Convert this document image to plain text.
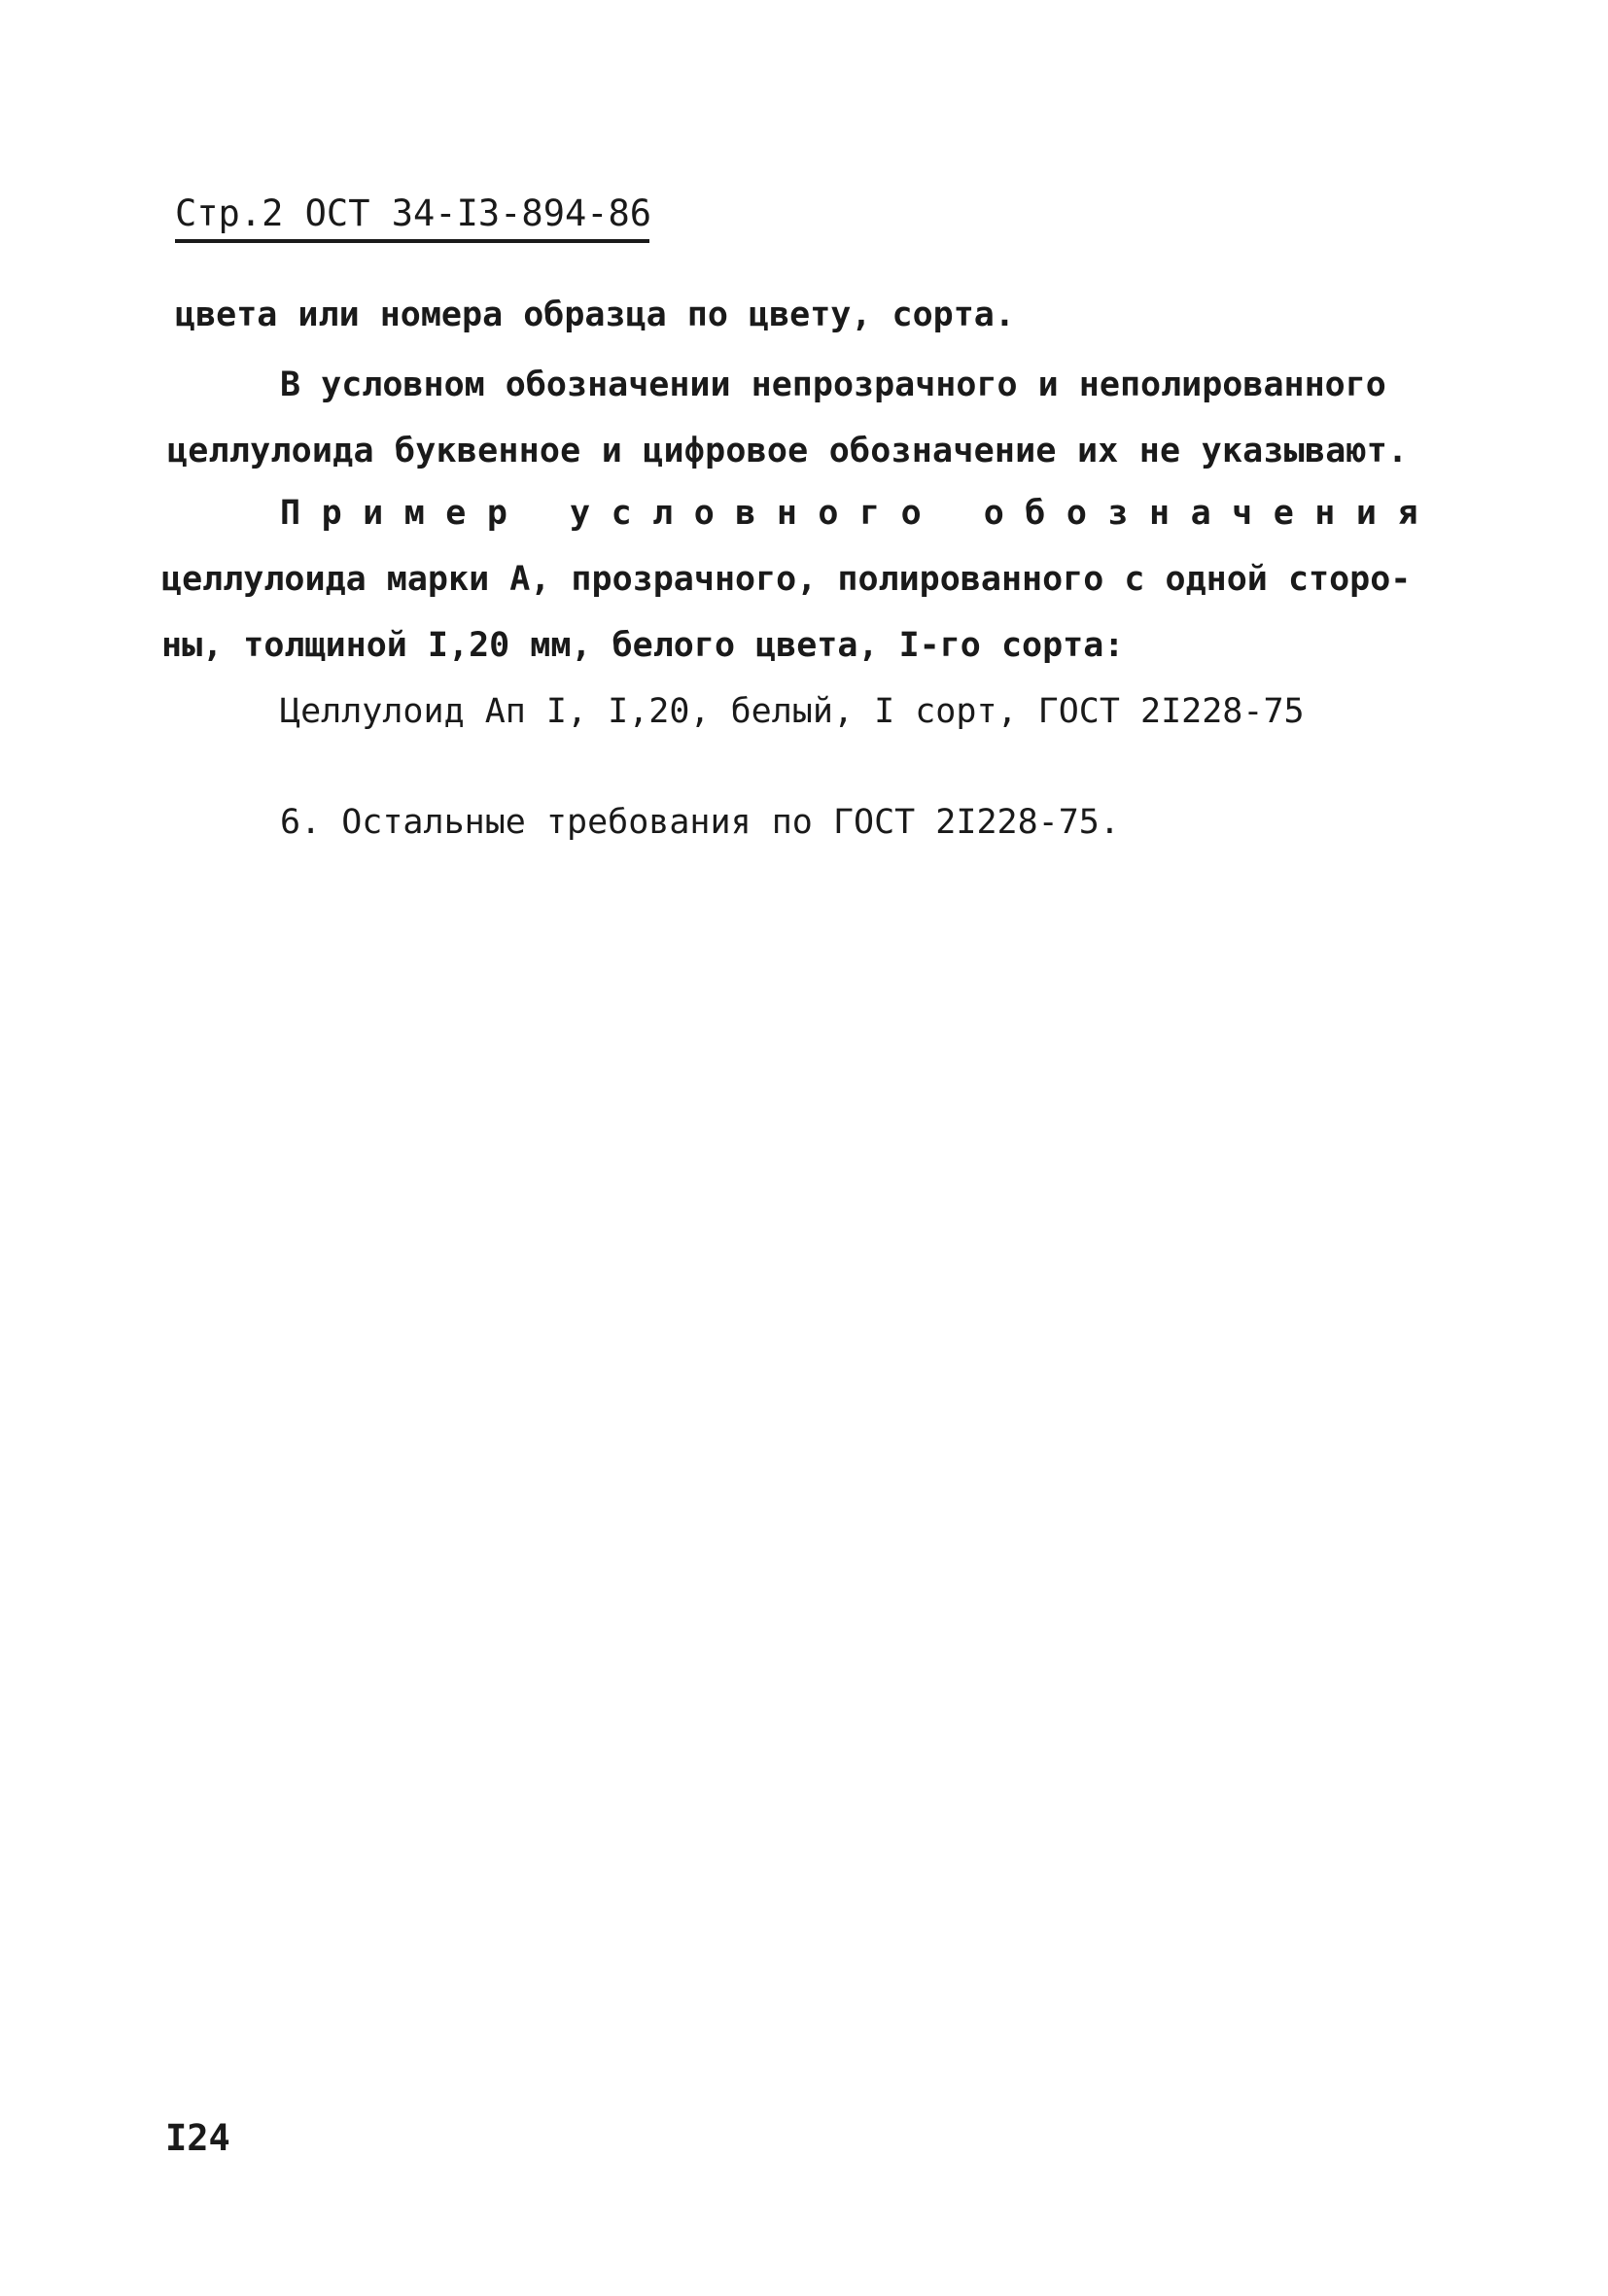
Стр.2 ОСТ 34-I3-894-86
цвета или номера образца по цвету, сорта.
В условном обозначении непрозрачного и неполированного
целлулоида буквенное и цифровое обозначение их не указывают.
Пример условного обозначения
целлулоида марки А, прозрачного, полированного с одной сторо-
ны, толщиной I,20 мм, белого цвета, I-го сорта:
Целлулоид Ап I, I,20, белый, I сорт, ГОСТ 2I228-75
6. Остальные требования по ГОСТ 2I228-75.
I24
